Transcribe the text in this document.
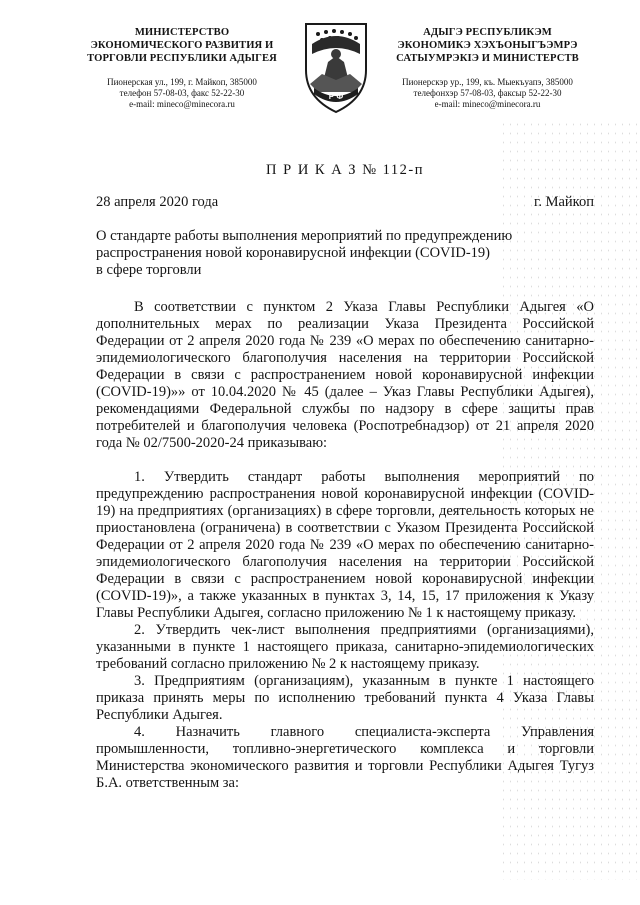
МИНИСТЕРСТВО
ЭКОНОМИЧЕСКОГО РАЗВИТИЯ И
ТОРГОВЛИ РЕСПУБЛИКИ АДЫГЕЯ
Пионерская ул., 199, г. Майкоп, 385000
телефон 57-08-03, факс 52-22-30
e-mail: mineco@minecora.ru
Р Ф
АДЫГЭ РЕСПУБЛИКЭМ
ЭКОНОМИКЭ ХЭХЪОНЫГЪЭМРЭ
САТЫУМРЭКІЭ И МИНИСТЕРСТВ
Пионерскэр ур., 199, къ. Мыекъуапэ, 385000
телефонхэр 57-08-03, факсыр 52-22-30
e-mail: mineco@minecora.ru
П Р И К А З № 112-п
28 апреля 2020 года	г. Майкоп
О стандарте работы выполнения мероприятий по предупреждению
распространения новой коронавирусной инфекции (COVID-19)
в сфере торговли

В соответствии с пунктом 2 Указа Главы Республики Адыгея «О дополнительных мерах по реализации Указа Президента Российской Федерации от 2 апреля 2020 года № 239 «О мерах по обеспечению санитарно-эпидемиологического благополучия населения на территории Российской Федерации в связи с распространением новой коронавирусной инфекции (COVID-19)»» от 10.04.2020 № 45 (далее – Указ Главы Республики Адыгея), рекомендациями Федеральной службы по надзору в сфере защиты прав потребителей и благополучия человека (Роспотребнадзор) от 21 апреля 2020 года № 02/7500-2020-24 приказываю:

1. Утвердить стандарт работы выполнения мероприятий по предупреждению распространения новой коронавирусной инфекции (COVID-19) на предприятиях (организациях) в сфере торговли, деятельность которых не приостановлена (ограничена) в соответствии с Указом Президента Российской Федерации от 2 апреля 2020 года № 239 «О мерах по обеспечению санитарно-эпидемиологического благополучия населения на территории Российской Федерации в связи с распространением новой коронавирусной инфекции (COVID-19)», а также указанных в пунктах 3, 14, 15, 17 приложения к Указу Главы Республики Адыгея, согласно приложению № 1 к настоящему приказу.

2. Утвердить чек-лист выполнения предприятиями (организациями), указанными в пункте 1 настоящего приказа, санитарно-эпидемиологических требований согласно приложению № 2 к настоящему приказу.

3. Предприятиям (организациям), указанным в пункте 1 настоящего приказа принять меры по исполнению требований пункта 4 Указа Главы Республики Адыгея.

4. Назначить главного специалиста-эксперта Управления промышленности, топливно-энергетического комплекса и торговли Министерства экономического развития и торговли Республики Адыгея Тугуз Б.А. ответственным за:
